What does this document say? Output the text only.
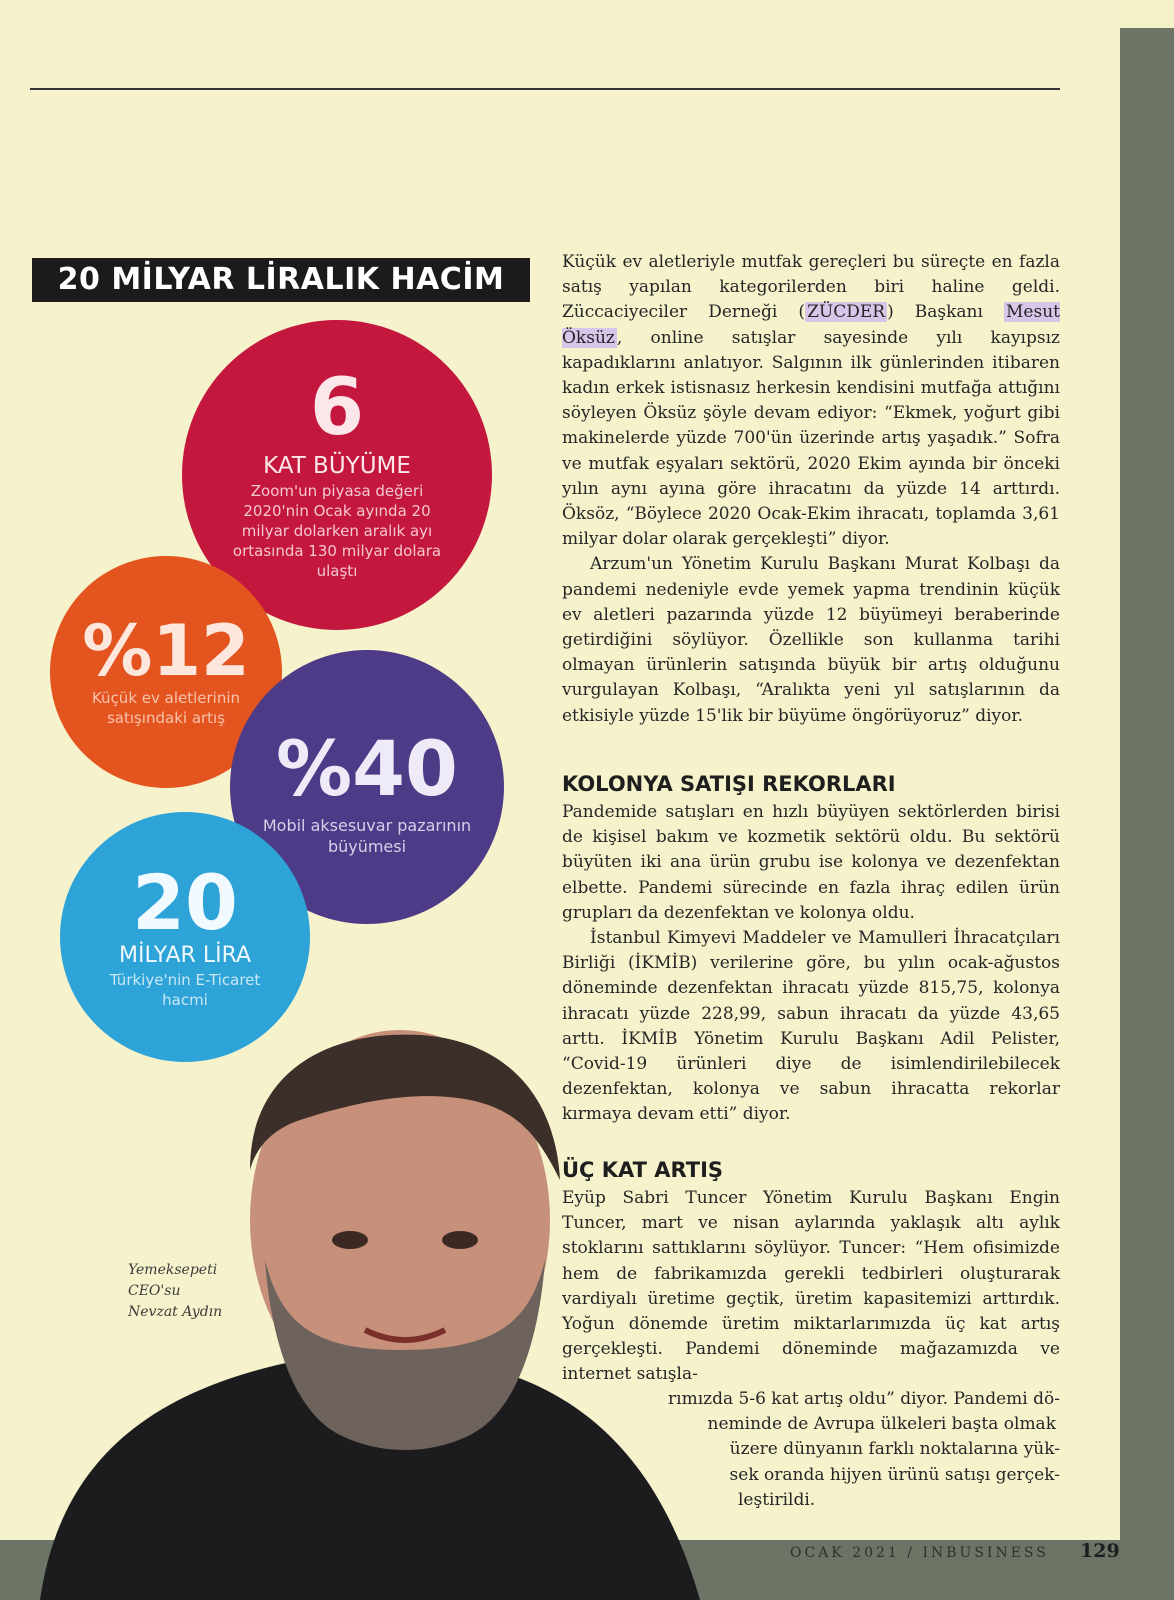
20 MİLYAR LİRALIK HACİM
6
KAT BÜYÜME
Zoom'un piyasa değeri 2020'nin Ocak ayında 20 milyar dolarken aralık ayı ortasında 130 milyar dolara ulaştı
%12
Küçük ev aletlerinin satışındaki artış
%40
Mobil aksesuvar pazarının büyümesi
20
MİLYAR LİRA
Türkiye'nin E-Ticaret hacmi
Yemeksepeti
CEO'su
Nevzat Aydın

Küçük ev aletleriyle mutfak gereçleri bu süreçte en fazla satış yapılan kategorilerden biri haline geldi. Züccaciyeciler Derneği ( ZÜCDER ) Başkanı Mesut Öksüz , online satışlar sayesinde yılı kayıpsız kapadıklarını anlatıyor. Salgının ilk günlerinden itibaren kadın erkek istisnasız herkesin kendisini mutfağa attığını söyleyen Öksüz şöyle devam ediyor: “Ekmek, yoğurt gibi makinelerde yüzde 700'ün üzerinde artış yaşadık.” Sofra ve mutfak eşyaları sektörü, 2020 Ekim ayında bir önceki yılın aynı ayına göre ihracatını da yüzde 14 arttırdı. Öksöz, “Böylece 2020 Ocak-Ekim ihracatı, toplamda 3,61 milyar dolar olarak gerçekleşti” diyor.

Arzum'un Yönetim Kurulu Başkanı Murat Kolbaşı da pandemi nedeniyle evde yemek yapma trendinin küçük ev aletleri pazarında yüzde 12 büyümeyi beraberinde getirdiğini söylüyor. Özellikle son kullanma tarihi olmayan ürünlerin satışında büyük bir artış olduğunu vurgulayan Kolbaşı, “Aralıkta yeni yıl satışlarının da etkisiyle yüzde 15'lik bir büyüme öngörüyoruz” diyor.

KOLONYA SATIŞI REKORLARI

Pandemide satışları en hızlı büyüyen sektörlerden birisi de kişisel bakım ve kozmetik sektörü oldu. Bu sektörü büyüten iki ana ürün grubu ise kolonya ve dezenfektan elbette. Pandemi sürecinde en fazla ihraç edilen ürün grupları da dezenfektan ve kolonya oldu.

İstanbul Kimyevi Maddeler ve Mamulleri İhracatçıları Birliği (İKMİB) verilerine göre, bu yılın ocak-ağustos döneminde dezenfektan ihracatı yüzde 815,75, kolonya ihracatı yüzde 228,99, sabun ihracatı da yüzde 43,65 arttı. İKMİB Yönetim Kurulu Başkanı Adil Pelister, “Covid-19 ürünleri diye de isimlendirilebilecek dezenfektan, kolonya ve sabun ihracatta rekorlar kırmaya devam etti” diyor.

ÜÇ KAT ARTIŞ

Eyüp Sabri Tuncer Yönetim Kurulu Başkanı Engin Tuncer, mart ve nisan aylarında yaklaşık altı aylık stoklarını sattıklarını söylüyor. Tuncer: “Hem ofisimizde hem de fabrikamızda gerekli tedbirleri oluşturarak vardiyalı üretime geçtik, üretim kapasitemizi arttırdık. Yoğun dönemde üretim miktarlarımızda üç kat artış gerçekleşti. Pandemi döneminde mağazamızda ve internet satışla-

rımızda 5-6 kat artış oldu” diyor. Pandemi dö-
neminde de Avrupa ülkeleri başta olmak
üzere dünyanın farklı noktalarına yük-
sek oranda hijyen ürünü satışı gerçek-
leştirildi.
OCAK 2021 / INBUSINESS 129
